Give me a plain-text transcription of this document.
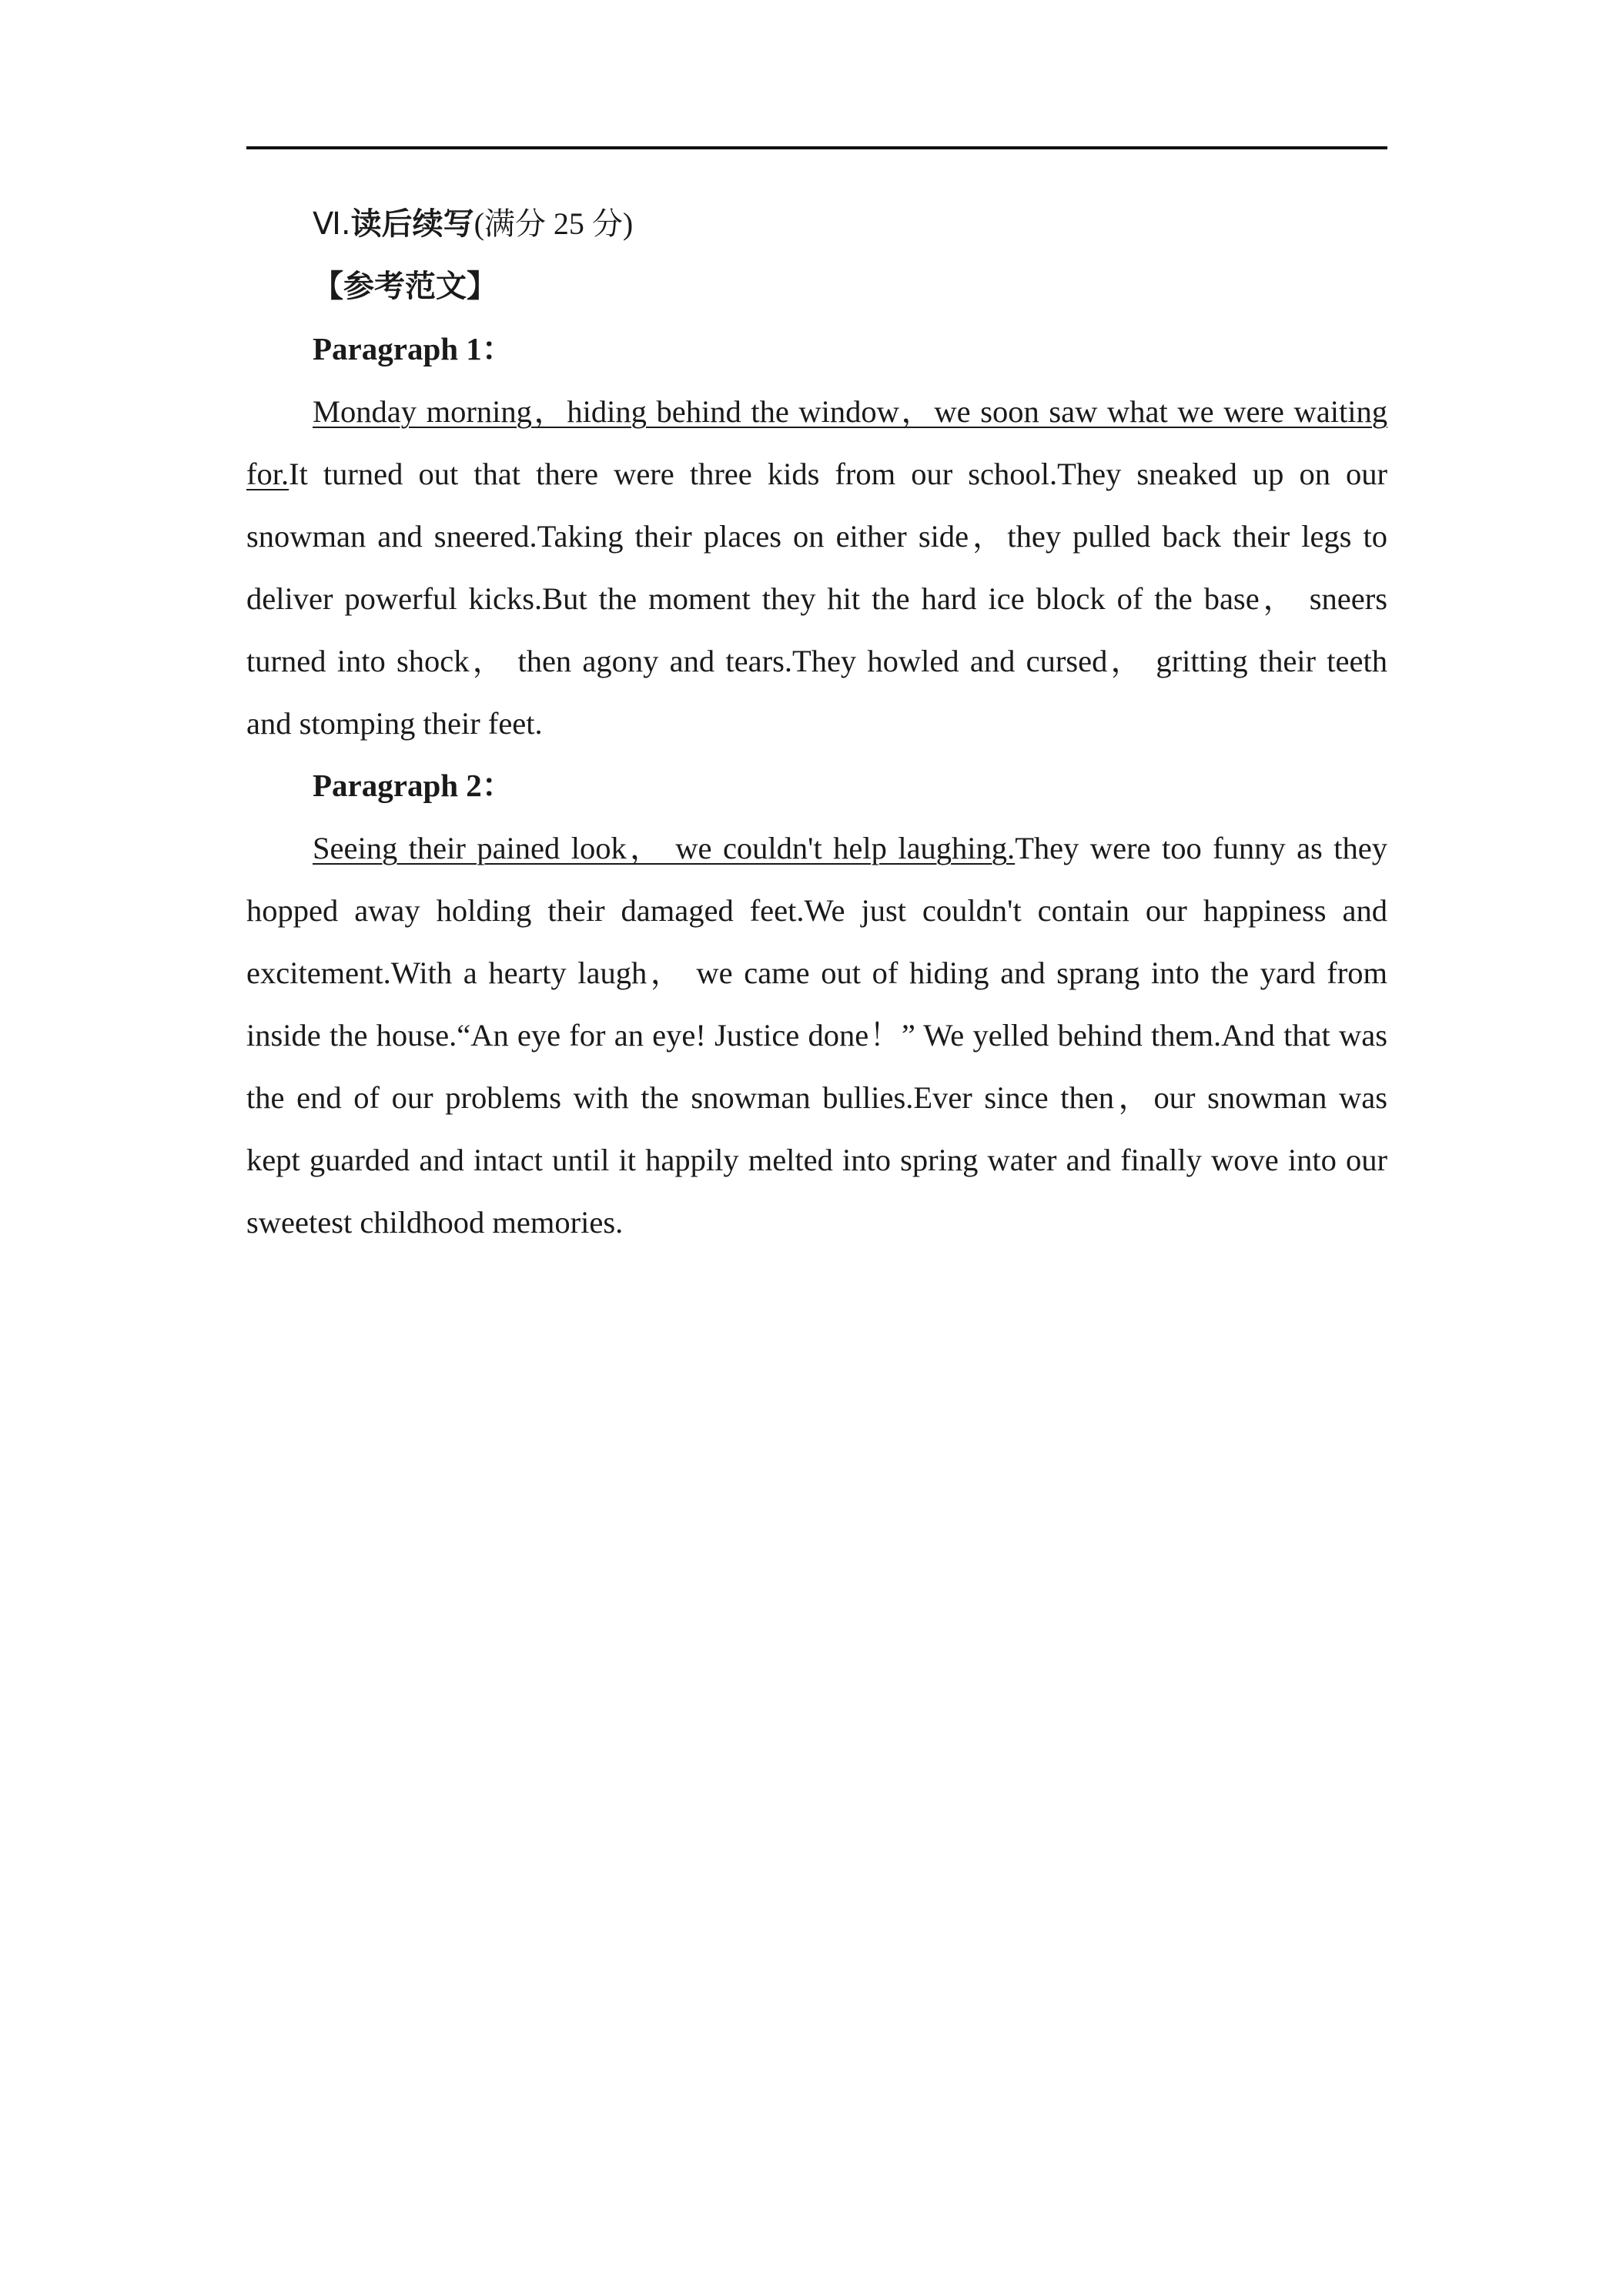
Ⅵ.读后续写(满分 25 分)

【参考范文】

Paragraph 1：

Monday morning，hiding behind the window，we soon saw what we were waiting for.It turned out that there were three kids from our school.They sneaked up on our snowman and sneered.Taking their places on either side，they pulled back their legs to deliver powerful kicks.But the moment they hit the hard ice block of the base， sneers turned into shock， then agony and tears.They howled and cursed， gritting their teeth and stomping their feet.

Paragraph 2：

Seeing their pained look， we couldn't help laughing.They were too funny as they hopped away holding their damaged feet.We just couldn't contain our happiness and excitement.With a hearty laugh， we came out of hiding and sprang into the yard from inside the house.“An eye for an eye! Justice done！” We yelled behind them.And that was the end of our problems with the snowman bullies.Ever since then，our snowman was kept guarded and intact until it happily melted into spring water and finally wove into our sweetest childhood memories.
